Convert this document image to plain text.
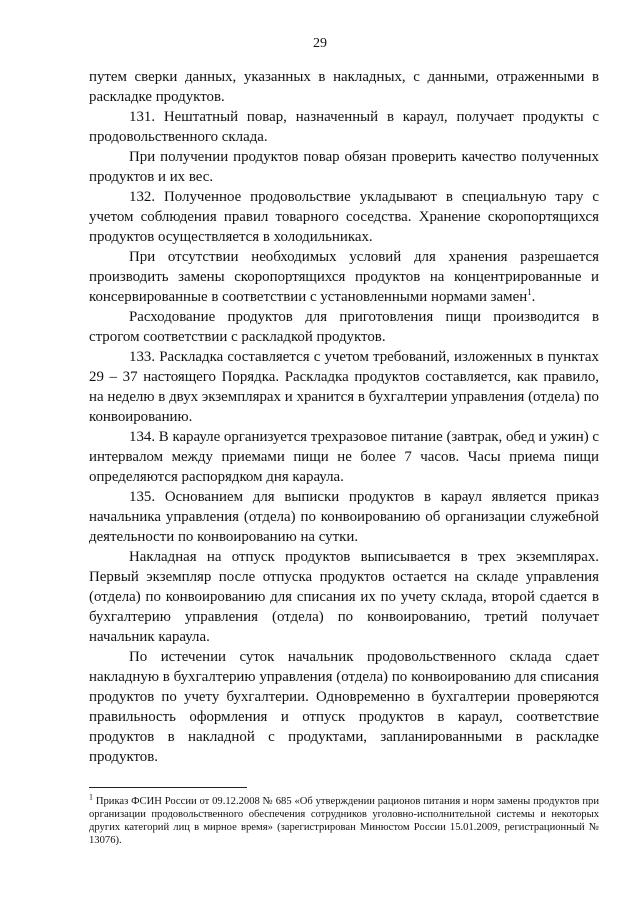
29

путем сверки данных, указанных в накладных, с данными, отраженными в раскладке продуктов.

131. Нештатный повар, назначенный в караул, получает продукты с продовольственного склада.

При получении продуктов повар обязан проверить качество полученных продуктов и их вес.

132. Полученное продовольствие укладывают в специальную тару с учетом соблюдения правил товарного соседства. Хранение скоропортящихся продуктов осуществляется в холодильниках.

При отсутствии необходимых условий для хранения разрешается производить замены скоропортящихся продуктов на концентрированные и консервированные в соответствии с установленными нормами замен$^1$.

Расходование продуктов для приготовления пищи производится в строгом соответствии с раскладкой продуктов.

133. Раскладка составляется с учетом требований, изложенных в пунктах 29 – 37 настоящего Порядка. Раскладка продуктов составляется, как правило, на неделю в двух экземплярах и хранится в бухгалтерии управления (отдела) по конвоированию.

134. В карауле организуется трехразовое питание (завтрак, обед и ужин) с интервалом между приемами пищи не более 7 часов. Часы приема пищи определяются распорядком дня караула.

135. Основанием для выписки продуктов в караул является приказ начальника управления (отдела) по конвоированию об организации служебной деятельности по конвоированию на сутки.

Накладная на отпуск продуктов выписывается в трех экземплярах. Первый экземпляр после отпуска продуктов остается на складе управления (отдела) по конвоированию для списания их по учету склада, второй сдается в бухгалтерию управления (отдела) по конвоированию, третий получает начальник караула.

По истечении суток начальник продовольственного склада сдает накладную в бухгалтерию управления (отдела) по конвоированию для списания продуктов по учету бухгалтерии. Одновременно в бухгалтерии проверяются правильность оформления и отпуск продуктов в караул, соответствие продуктов в накладной с продуктами, запланированными в раскладке продуктов.

$^1$ Приказ ФСИН России от 09.12.2008 № 685 «Об утверждении рационов питания и норм замены продуктов при организации продовольственного обеспечения сотрудников уголовно-исполнительной системы и некоторых других категорий лиц в мирное время» (зарегистрирован Минюстом России 15.01.2009, регистрационный № 13076).
